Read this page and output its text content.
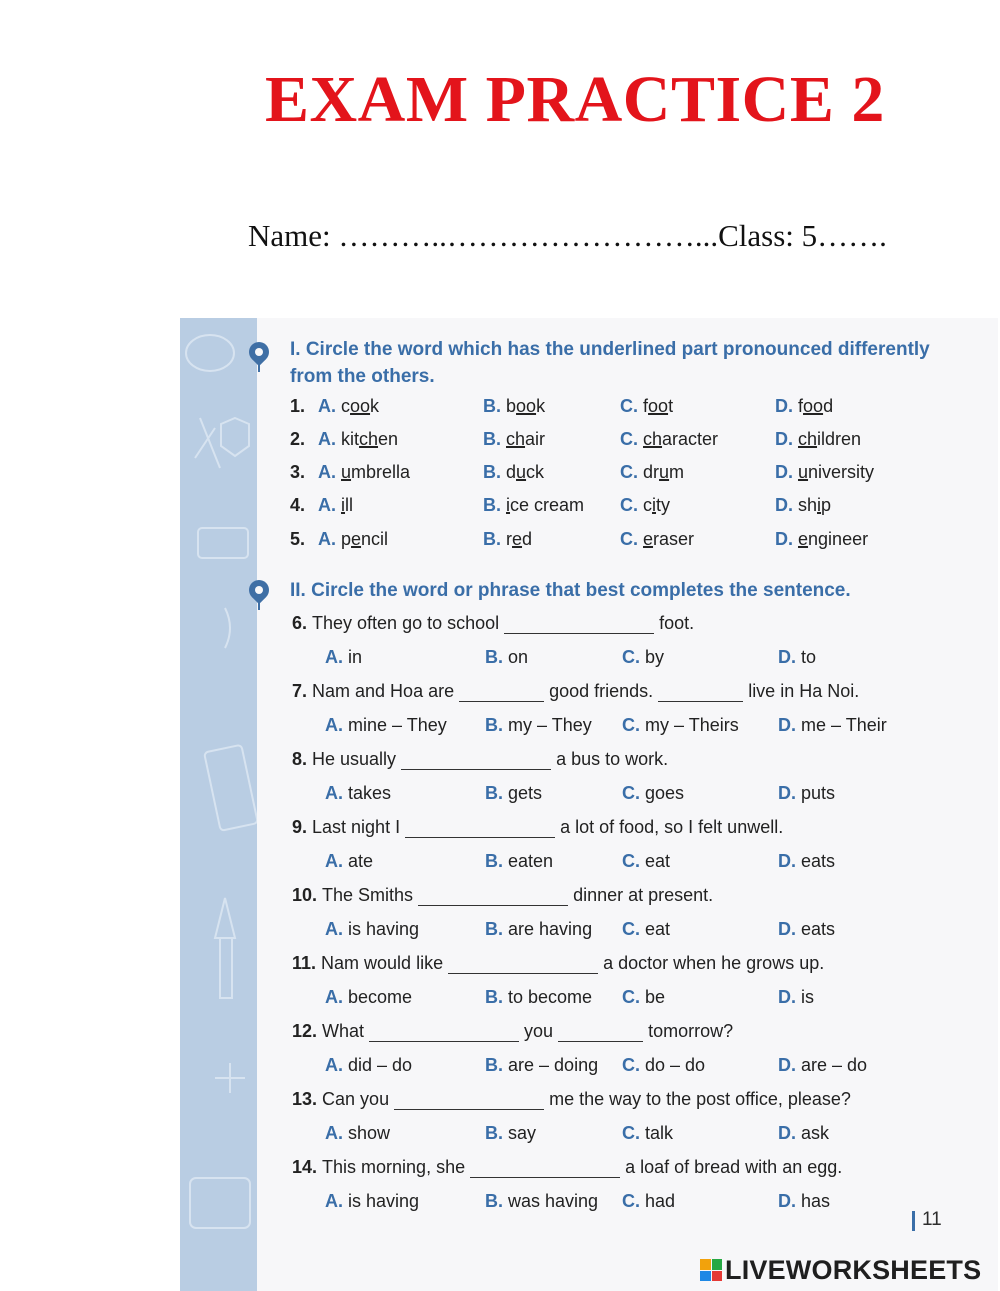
EXAM PRACTICE 2
Name: ………..……………………...Class: 5…….
I. Circle the word which has the underlined part pronounced differently from the others.
1. A. cook	B. book	C. foot	D. food
2. A. kitchen	B. chair	C. character	D. children
3. A. umbrella	B. duck	C. drum	D. university
4. A. ill	B. ice cream C. city	D. ship
5. A. pencil	B. red	C. eraser	D. engineer
II. Circle the word or phrase that best completes the sentence.
6. They often go to school	foot.
A. in	B. on	C. by	D. to
7. Nam and Hoa are	good friends.	live in Ha Noi.
A. mine – They B. my – They C. my – Theirs D. me – Their
8. He usually	a bus to work.
A. takes	B. gets	C. goes	D. puts
9. Last night I	a lot of food, so I felt unwell.
A. ate	B. eaten	C. eat	D. eats
10. The Smiths	dinner at present.
A. is having	B. are having C. eat	D. eats
11. Nam would like	a doctor when he grows up.
A. become	B. to become C. be	D. is
12. What	you	tomorrow?
A. did – do	B. are – doing C. do – do	D. are – do
13. Can you	me the way to the post office, please?
A. show	B. say	C. talk	D. ask
14. This morning, she	a loaf of bread with an egg.
A. is having	B. was having C. had	D. has
11
LIVEWORKSHEETS
